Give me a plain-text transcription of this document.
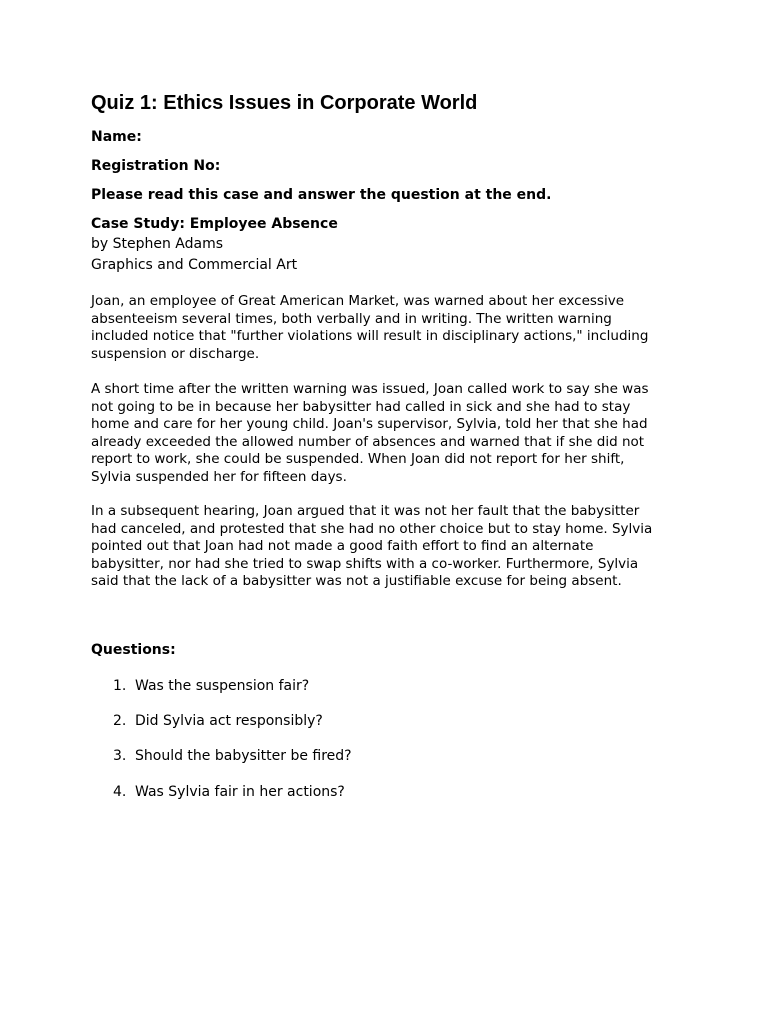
Quiz 1: Ethics Issues in Corporate World

Name:

Registration No:

Please read this case and answer the question at the end.

Case Study: Employee Absence

by Stephen Adams

Graphics and Commercial Art

Joan, an employee of Great American Market, was warned about her excessive
absenteeism several times, both verbally and in writing. The written warning
included notice that "further violations will result in disciplinary actions," including
suspension or discharge.
A short time after the written warning was issued, Joan called work to say she was
not going to be in because her babysitter had called in sick and she had to stay
home and care for her young child. Joan's supervisor, Sylvia, told her that she had
already exceeded the allowed number of absences and warned that if she did not
report to work, she could be suspended. When Joan did not report for her shift,
Sylvia suspended her for fifteen days.
In a subsequent hearing, Joan argued that it was not her fault that the babysitter
had canceled, and protested that she had no other choice but to stay home. Sylvia
pointed out that Joan had not made a good faith effort to find an alternate
babysitter, nor had she tried to swap shifts with a co-worker. Furthermore, Sylvia
said that the lack of a babysitter was not a justifiable excuse for being absent.

Questions:

1. Was the suspension fair?
2. Did Sylvia act responsibly?
3. Should the babysitter be fired?
4. Was Sylvia fair in her actions?
